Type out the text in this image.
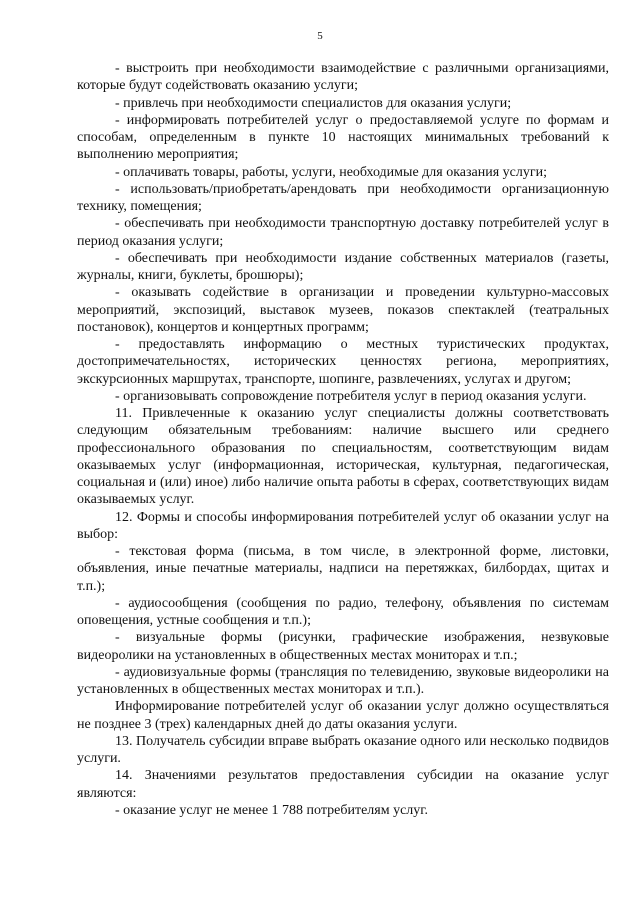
5

- выстроить при необходимости взаимодействие с различными организациями, которые будут содействовать оказанию услуги;

- привлечь при необходимости специалистов для оказания услуги;

- информировать потребителей услуг о предоставляемой услуге по формам и способам, определенным в пункте 10 настоящих минимальных требований к выполнению мероприятия;

- оплачивать товары, работы, услуги, необходимые для оказания услуги;

- использовать/приобретать/арендовать при необходимости организационную технику, помещения;

- обеспечивать при необходимости транспортную доставку потребителей услуг в период оказания услуги;

- обеспечивать при необходимости издание собственных материалов (газеты, журналы, книги, буклеты, брошюры);

- оказывать содействие в организации и проведении культурно-массовых мероприятий, экспозиций, выставок музеев, показов спектаклей (театральных постановок), концертов и концертных программ;

- предоставлять информацию о местных туристических продуктах, достопримечательностях, исторических ценностях региона, мероприятиях, экскурсионных маршрутах, транспорте, шопинге, развлечениях, услугах и другом;

- организовывать сопровождение потребителя услуг в период оказания услуги.

11. Привлеченные к оказанию услуг специалисты должны соответствовать следующим обязательным требованиям: наличие высшего или среднего профессионального образования по специальностям, соответствующим видам оказываемых услуг (информационная, историческая, культурная, педагогическая, социальная и (или) иное) либо наличие опыта работы в сферах, соответствующих видам оказываемых услуг.

12. Формы и способы информирования потребителей услуг об оказании услуг на выбор:

- текстовая форма (письма, в том числе, в электронной форме, листовки, объявления, иные печатные материалы, надписи на перетяжках, билбордах, щитах и т.п.);

- аудиосообщения (сообщения по радио, телефону, объявления по системам оповещения, устные сообщения и т.п.);

- визуальные формы (рисунки, графические изображения, незвуковые видеоролики на установленных в общественных местах мониторах и т.п.;

- аудиовизуальные формы (трансляция по телевидению, звуковые видеоролики на установленных в общественных местах мониторах и т.п.).

Информирование потребителей услуг об оказании услуг должно осуществляться не позднее 3 (трех) календарных дней до даты оказания услуги.

13. Получатель субсидии вправе выбрать оказание одного или несколько подвидов услуги.

14. Значениями результатов предоставления субсидии на оказание услуг являются:

- оказание услуг не менее 1 788 потребителям услуг.
